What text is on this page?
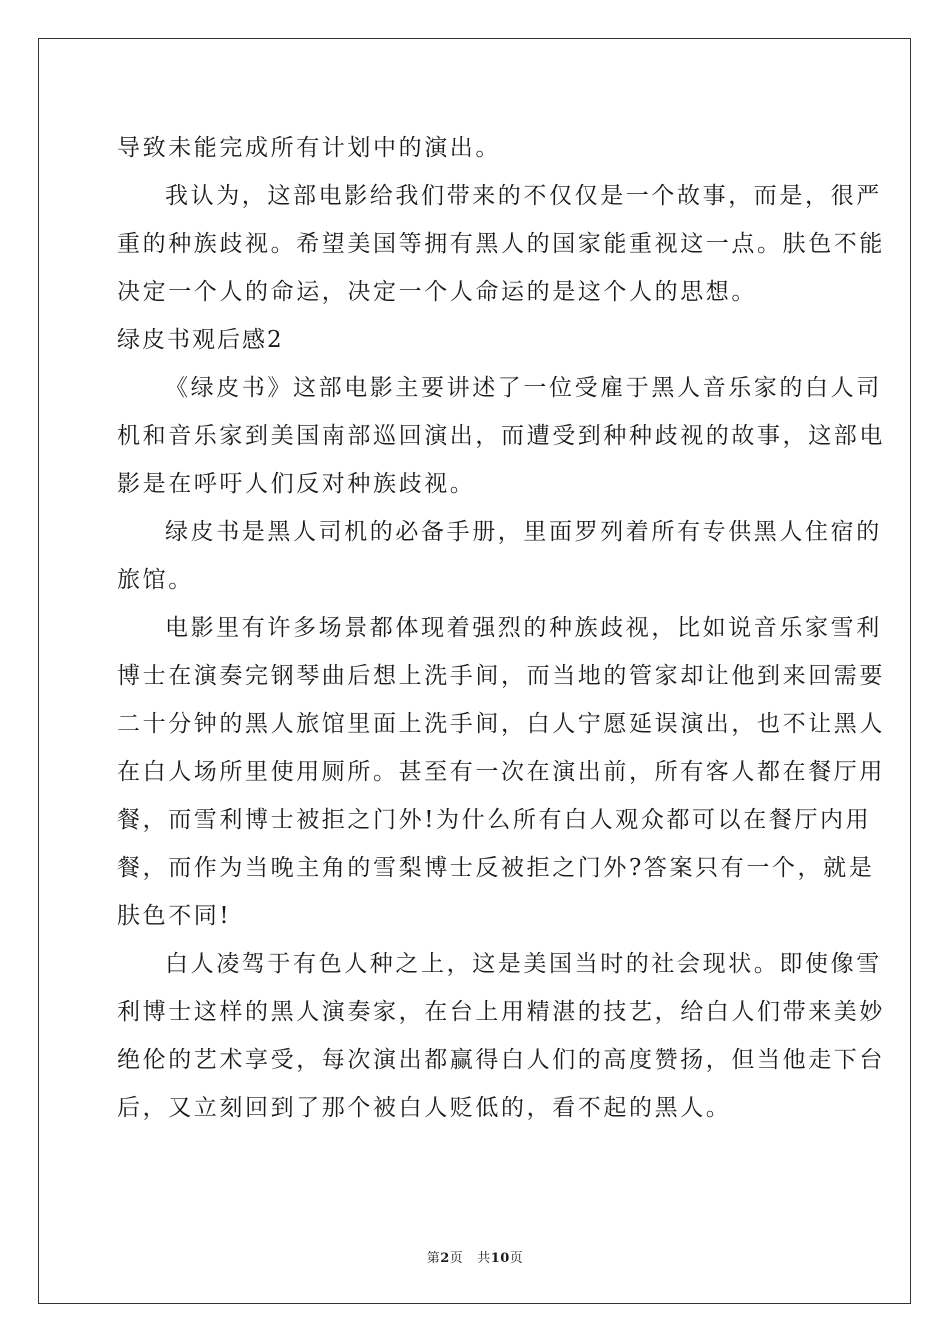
导致未能完成所有计划中的演出。
我认为，这部电影给我们带来的不仅仅是一个故事，而是，很严
重的种族歧视。希望美国等拥有黑人的国家能重视这一点。肤色不能
决定一个人的命运，决定一个人命运的是这个人的思想。
绿皮书观后感2
《绿皮书》这部电影主要讲述了一位受雇于黑人音乐家的白人司
机和音乐家到美国南部巡回演出，而遭受到种种歧视的故事，这部电
影是在呼吁人们反对种族歧视。
绿皮书是黑人司机的必备手册，里面罗列着所有专供黑人住宿的
旅馆。
电影里有许多场景都体现着强烈的种族歧视，比如说音乐家雪利
博士在演奏完钢琴曲后想上洗手间，而当地的管家却让他到来回需要
二十分钟的黑人旅馆里面上洗手间，白人宁愿延误演出，也不让黑人
在白人场所里使用厕所。甚至有一次在演出前，所有客人都在餐厅用
餐，而雪利博士被拒之门外!为什么所有白人观众都可以在餐厅内用
餐，而作为当晚主角的雪梨博士反被拒之门外?答案只有一个，就是
肤色不同!
白人凌驾于有色人种之上，这是美国当时的社会现状。即使像雪
利博士这样的黑人演奏家，在台上用精湛的技艺，给白人们带来美妙
绝伦的艺术享受，每次演出都赢得白人们的高度赞扬，但当他走下台
后，又立刻回到了那个被白人贬低的，看不起的黑人。
第2页 共10页
